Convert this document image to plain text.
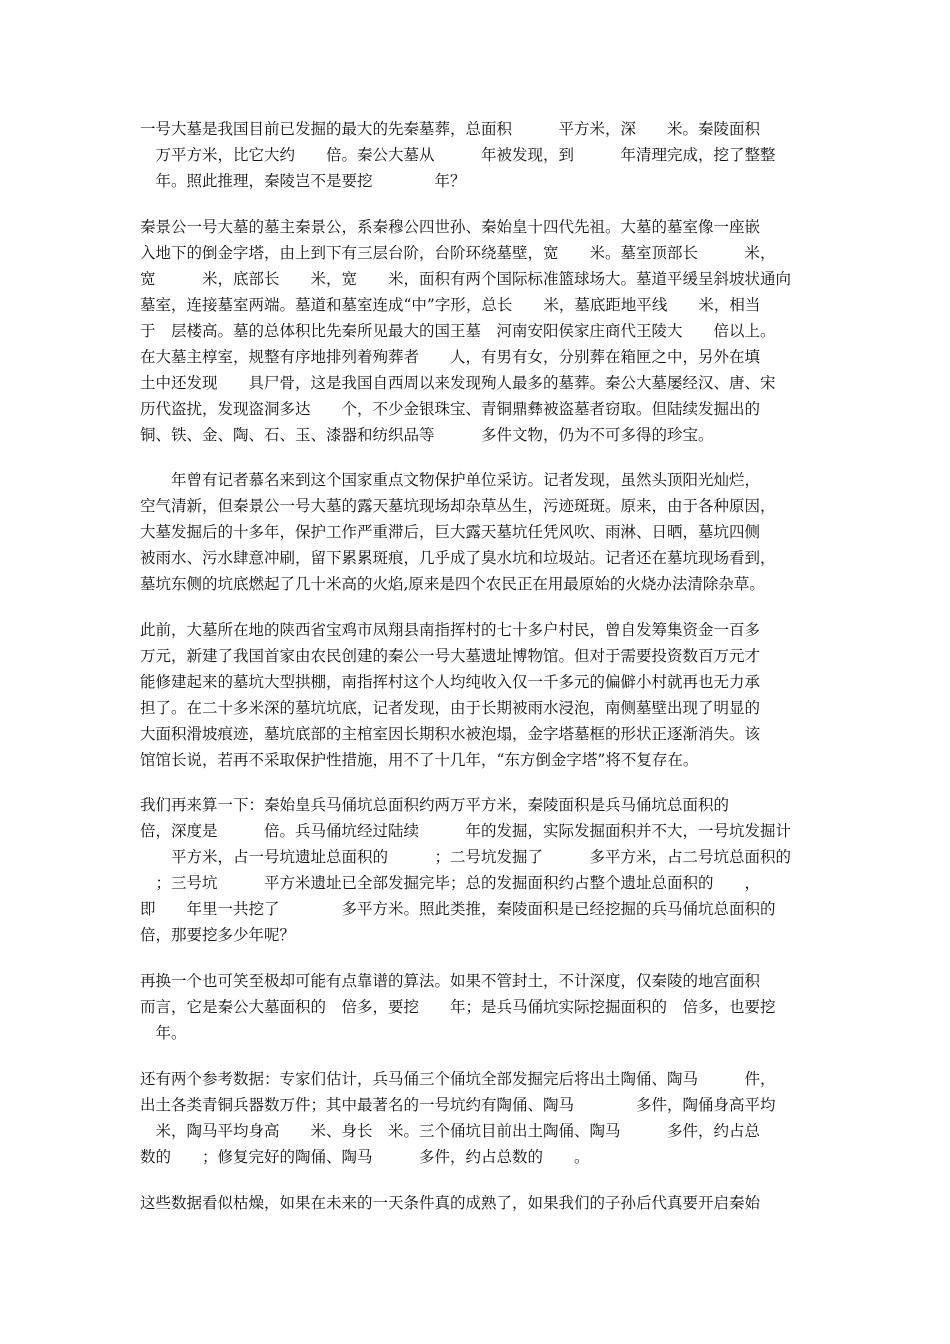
一号大墓是我国目前已发掘的最大的先秦墓葬，总面积　　　平方米，深　　米。秦陵面积
　万平方米，比它大约　　倍。秦公大墓从　　　年被发现，到　　　年清理完成，挖了整整
　年。照此推理，秦陵岂不是要挖　　　　年？
秦景公一号大墓的墓主秦景公，系秦穆公四世孙、秦始皇十四代先祖。大墓的墓室像一座嵌
入地下的倒金字塔，由上到下有三层台阶，台阶环绕墓壁，宽　　米。墓室顶部长　　　米，
宽　　　米，底部长　　米，宽　　米，面积有两个国际标准篮球场大。墓道平缓呈斜坡状通向
墓室，连接墓室两端。墓道和墓室连成“中”字形，总长　　米，墓底距地平线　　米，相当
于　层楼高。墓的总体积比先秦所见最大的国王墓　河南安阳侯家庄商代王陵大　　倍以上。
在大墓主椁室，规整有序地排列着殉葬者　　人，有男有女，分别葬在箱匣之中，另外在填
土中还发现　　具尸骨，这是我国自西周以来发现殉人最多的墓葬。秦公大墓屡经汉、唐、宋
历代盗扰，发现盗洞多达　　个，不少金银珠宝、青铜鼎彝被盗墓者窃取。但陆续发掘出的
铜、铁、金、陶、石、玉、漆器和纺织品等　　　多件文物，仍为不可多得的珍宝。
　　年曾有记者慕名来到这个国家重点文物保护单位采访。记者发现，虽然头顶阳光灿烂，
空气清新，但秦景公一号大墓的露天墓坑现场却杂草丛生，污迹斑斑。原来，由于各种原因，
大墓发掘后的十多年，保护工作严重滞后，巨大露天墓坑任凭风吹、雨淋、日晒，墓坑四侧
被雨水、污水肆意冲刷，留下累累斑痕，几乎成了臭水坑和垃圾站。记者还在墓坑现场看到，
墓坑东侧的坑底燃起了几十米高的火焰,原来是四个农民正在用最原始的火烧办法清除杂草。
此前，大墓所在地的陕西省宝鸡市凤翔县南指挥村的七十多户村民，曾自发筹集资金一百多
万元，新建了我国首家由农民创建的秦公一号大墓遗址博物馆。但对于需要投资数百万元才
能修建起来的墓坑大型拱棚，南指挥村这个人均纯收入仅一千多元的偏僻小村就再也无力承
担了。在二十多米深的墓坑坑底，记者发现，由于长期被雨水浸泡，南侧墓壁出现了明显的
大面积滑坡痕迹，墓坑底部的主棺室因长期积水被泡塌，金字塔墓框的形状正逐渐消失。该
馆馆长说，若再不采取保护性措施，用不了十几年，“东方倒金字塔”将不复存在。
我们再来算一下：秦始皇兵马俑坑总面积约两万平方米，秦陵面积是兵马俑坑总面积的
倍，深度是　　　倍。兵马俑坑经过陆续　　　年的发掘，实际发掘面积并不大，一号坑发掘计
　　平方米，占一号坑遗址总面积的　　　；二号坑发掘了　　　多平方米，占二号坑总面积的
　；三号坑　　　平方米遗址已全部发掘完毕；总的发掘面积约占整个遗址总面积的　　，
即　　年里一共挖了　　　　多平方米。照此类推，秦陵面积是已经挖掘的兵马俑坑总面积的
倍，那要挖多少年呢？
再换一个也可笑至极却可能有点靠谱的算法。如果不管封土，不计深度，仅秦陵的地宫面积
而言，它是秦公大墓面积的　倍多，要挖　　年；是兵马俑坑实际挖掘面积的　倍多，也要挖
　年。
还有两个参考数据：专家们估计，兵马俑三个俑坑全部发掘完后将出土陶俑、陶马　　　件，
出土各类青铜兵器数万件；其中最著名的一号坑约有陶俑、陶马　　　　多件，陶俑身高平均
　米，陶马平均身高　　米、身长　米。三个俑坑目前出土陶俑、陶马　　　多件，约占总
数的　　；修复完好的陶俑、陶马　　　多件，约占总数的　　。
这些数据看似枯燥，如果在未来的一天条件真的成熟了，如果我们的子孙后代真要开启秦始
